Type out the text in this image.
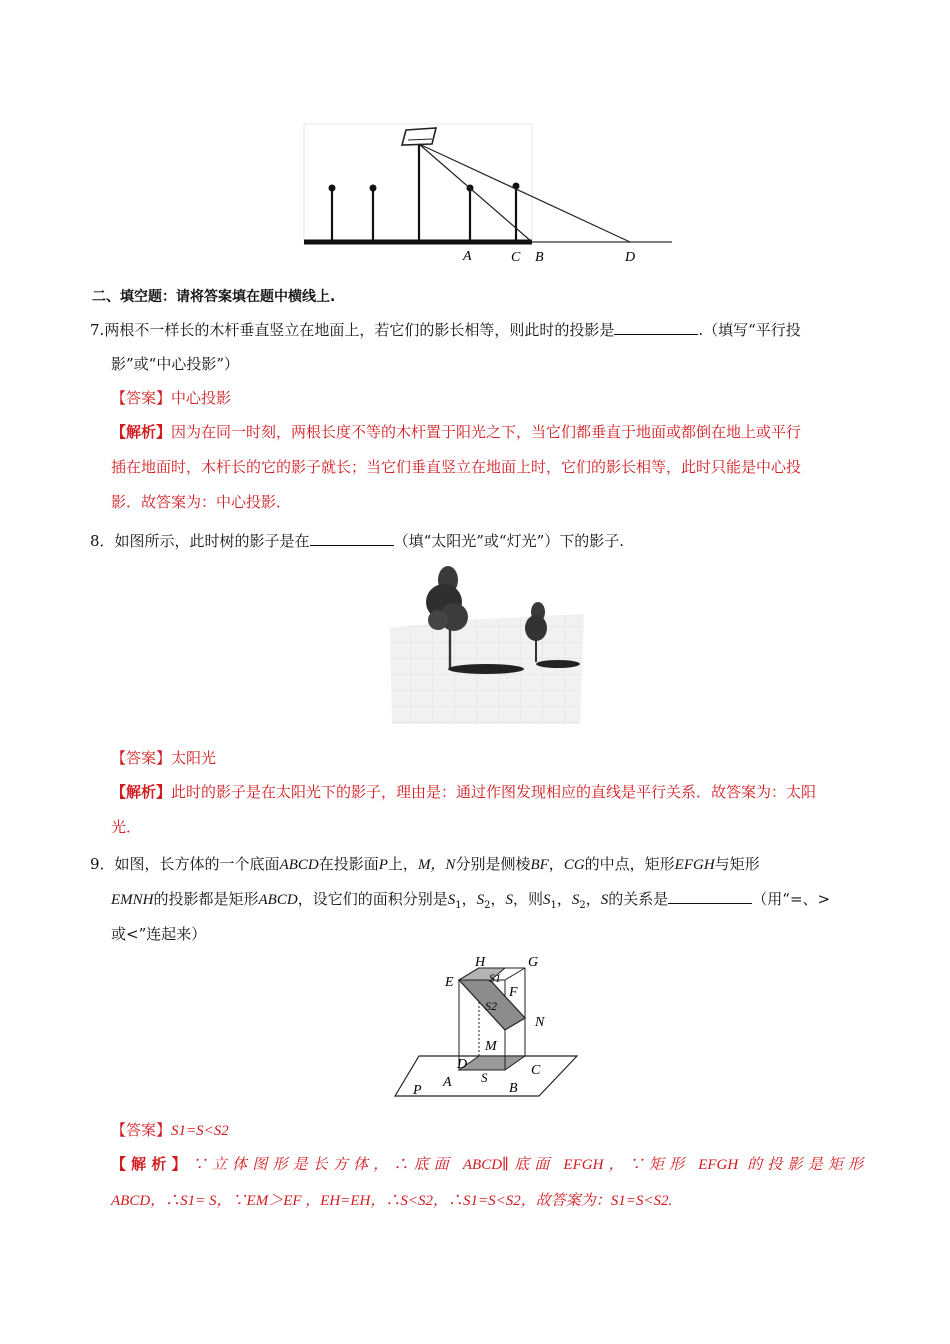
A	C B	D
二、填空题：请将答案填在题中横线上.
7.两根不一样长的木杆垂直竖立在地面上，若它们的影长相等，则此时的投影是	.（填写“平行投
影”或“中心投影”）
【答案】中心投影
【解析】因为在同一时刻，两根长度不等的木杆置于阳光之下，当它们都垂直于地面或都倒在地上或平行
插在地面时，木杆长的它的影子就长；当它们垂直竖立在地面上时，它们的影长相等，此时只能是中心投
影．故答案为：中心投影．
8．如图所示，此时树的影子是在	（填“太阳光”或“灯光”）下的影子.
【答案】太阳光
【解析】此时的影子是在太阳光下的影子，理由是：通过作图发现相应的直线是平行关系．故答案为：太阳
光．
9．如图，长方体的一个底面ABCD在投影面P上，M，N分别是侧棱BF，CG的中点，矩形EFGH与矩形
EMNH的投影都是矩形ABCD，设它们的面积分别是$S_1$，$S_2$，S，则$S_1$，$S_2$，S的关系是	（用“=、>
或<”连起来）
H	G
S1
E
F
S2
N
M
D	C
A S
B
P
【答案】S1=S<S2
【解析】∵立体图形是长方体，∴底面 ABCD∥底面 EFGH，∵矩形 EFGH 的投影是矩形
ABCD，∴S1= S，∵EM＞EF ，EH=EH，∴S<S2，∴S1=S<S2，故答案为：S1=S<S2.
